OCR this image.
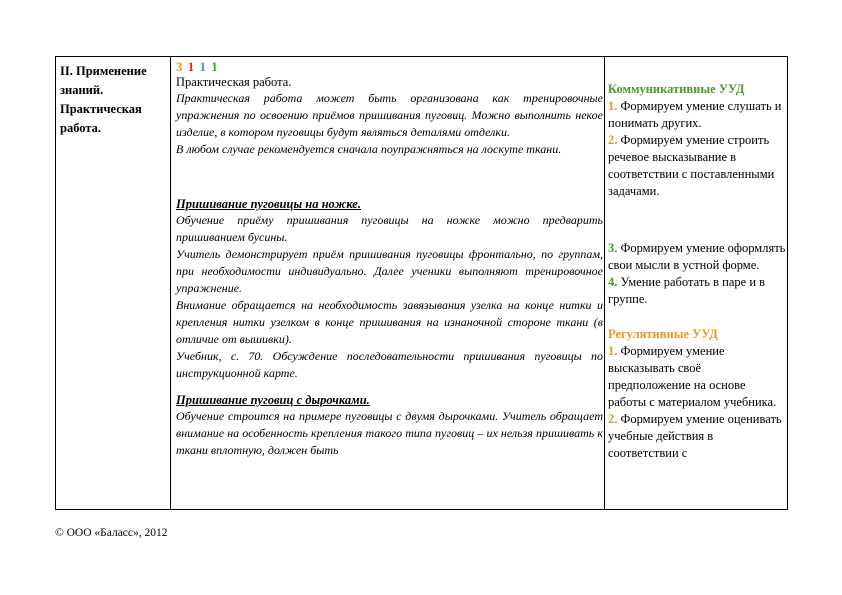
II. Применение
знаний.
Практическая
работа.
3 1 1 1
Практическая работа.

Практическая работа может быть организована как тренировочные упражнения по освоению приёмов пришивания пуговиц. Можно выполнить некое изделие, в котором пуговицы будут являться деталями отделки.

В любом случае рекомендуется сначала поупражняться на лоскуте ткани.

Пришивание пуговицы на ножке.

Обучение приёму пришивания пуговицы на ножке можно предварить пришиванием бусины.

Учитель демонстрирует приём пришивания пуговицы фронтально, по группам, при необходимости индивидуально. Далее ученики выполняют тренировочное упражнение.

Внимание обращается на необходимость завязывания узелка на конце нитки и крепления нитки узелком в конце пришивания на изнаночной стороне ткани (в отличие от вышивки).

Учебник, с. 70. Обсуждение последовательности пришивания пуговицы по инструкционной карте.

Пришивание пуговиц с дырочками.

Обучение строится на примере пуговицы с двумя дырочками. Учитель обращает внимание на особенность крепления такого типа пуговиц – их нельзя пришивать к ткани вплотную, должен быть

Коммуникативные УУД
1. Формируем умение слушать и понимать других.
2. Формируем умение строить речевое высказывание в соответствии с поставленными задачами.
3. Формируем умение оформлять свои мысли в устной форме.
4. Умение работать в паре и в группе.
Регулятивные УУД
1. Формируем умение высказывать своё предположение на основе работы с материалом учебника.
2. Формируем умение оценивать учебные действия в соответствии с
© ООО «Баласс», 2012
